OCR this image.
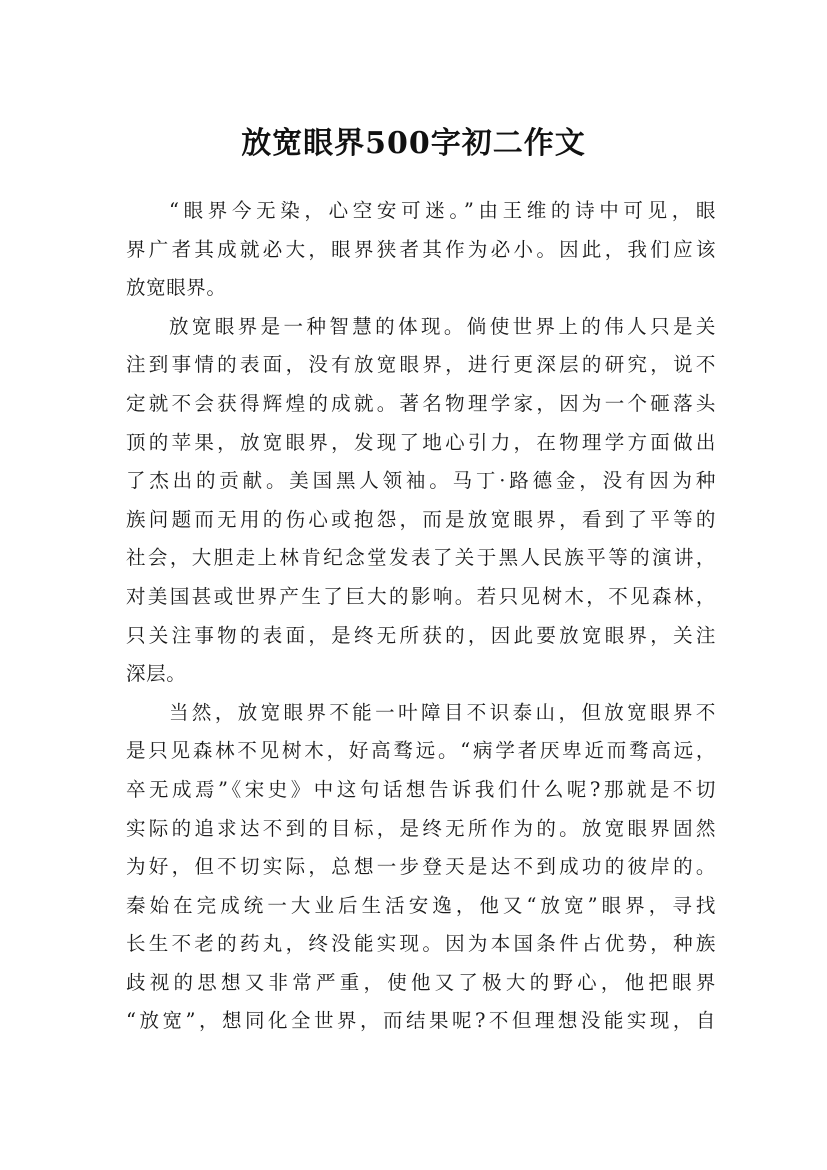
放宽眼界500字初二作文
“眼界今无染，心空安可迷。”由王维的诗中可见，眼
界广者其成就必大，眼界狭者其作为必小。因此，我们应该
放宽眼界。
放宽眼界是一种智慧的体现。倘使世界上的伟人只是关
注到事情的表面，没有放宽眼界，进行更深层的研究，说不
定就不会获得辉煌的成就。著名物理学家，因为一个砸落头
顶的苹果，放宽眼界，发现了地心引力，在物理学方面做出
了杰出的贡献。美国黑人领袖。马丁·路德金，没有因为种
族问题而无用的伤心或抱怨，而是放宽眼界，看到了平等的
社会，大胆走上林肯纪念堂发表了关于黑人民族平等的演讲，
对美国甚或世界产生了巨大的影响。若只见树木，不见森林，
只关注事物的表面，是终无所获的，因此要放宽眼界，关注
深层。
当然，放宽眼界不能一叶障目不识泰山，但放宽眼界不
是只见森林不见树木，好高骛远。“病学者厌卑近而骛高远，
卒无成焉”《宋史》中这句话想告诉我们什么呢?那就是不切
实际的追求达不到的目标，是终无所作为的。放宽眼界固然
为好，但不切实际，总想一步登天是达不到成功的彼岸的。
秦始在完成统一大业后生活安逸，他又“放宽”眼界，寻找
长生不老的药丸，终没能实现。因为本国条件占优势，种族
歧视的思想又非常严重，使他又了极大的野心，他把眼界
“放宽”，想同化全世界，而结果呢?不但理想没能实现，自
